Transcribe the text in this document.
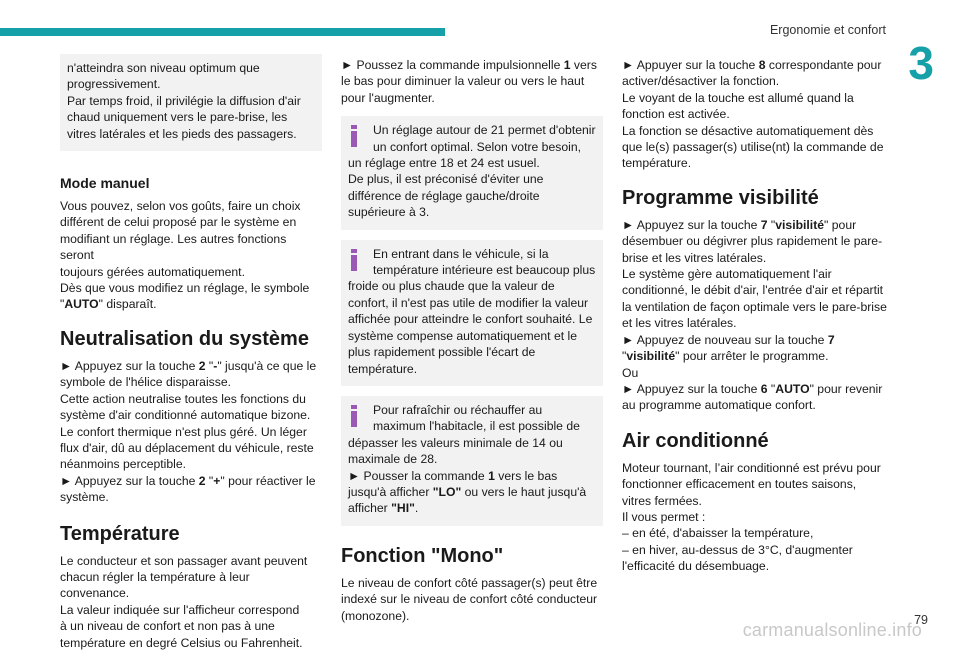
Ergonomie et confort
3

n'atteindra son niveau optimum que

progressivement.

Par temps froid, il privilégie la diffusion d'air

chaud uniquement vers le pare-brise, les

vitres latérales et les pieds des passagers.

Mode manuel

Vous pouvez, selon vos goûts, faire un choix

différent de celui proposé par le système en

modifiant un réglage. Les autres fonctions seront

toujours gérées automatiquement.

Dès que vous modifiez un réglage, le symbole

"AUTO" disparaît.

Neutralisation du système

► Appuyez sur la touche 2 "-" jusqu'à ce que le

symbole de l'hélice disparaisse.

Cette action neutralise toutes les fonctions du

système d'air conditionné automatique bizone.

Le confort thermique n'est plus géré. Un léger

flux d'air, dû au déplacement du véhicule, reste

néanmoins perceptible.

► Appuyez sur la touche 2 "+" pour réactiver le

système.

Température

Le conducteur et son passager avant peuvent

chacun régler la température à leur convenance.

La valeur indiquée sur l'afficheur correspond

à un niveau de confort et non pas à une

température en degré Celsius ou Fahrenheit.

► Poussez la commande impulsionnelle 1 vers

le bas pour diminuer la valeur ou vers le haut

pour l'augmenter.

Un réglage autour de 21 permet d'obtenir

un confort optimal. Selon votre besoin,

un réglage entre 18 et 24 est usuel.

De plus, il est préconisé d'éviter une

différence de réglage gauche/droite

supérieure à 3.

En entrant dans le véhicule, si la

température intérieure est beaucoup plus

froide ou plus chaude que la valeur de

confort, il n'est pas utile de modifier la valeur

affichée pour atteindre le confort souhaité. Le

système compense automatiquement et le

plus rapidement possible l'écart de

température.

Pour rafraîchir ou réchauffer au

maximum l'habitacle, il est possible de

dépasser les valeurs minimale de 14 ou

maximale de 28.

► Pousser la commande 1 vers le bas

jusqu'à afficher "LO" ou vers le haut jusqu'à

afficher "HI".

Fonction "Mono"

Le niveau de confort côté passager(s) peut être

indexé sur le niveau de confort côté conducteur

(monozone).

► Appuyer sur la touche 8 correspondante pour

activer/désactiver la fonction.

Le voyant de la touche est allumé quand la

fonction est activée.

La fonction se désactive automatiquement dès

que le(s) passager(s) utilise(nt) la commande de

température.

Programme visibilité

► Appuyez sur la touche 7 "visibilité" pour

désembuer ou dégivrer plus rapidement le pare-

brise et les vitres latérales.

Le système gère automatiquement l'air

conditionné, le débit d'air, l'entrée d'air et répartit

la ventilation de façon optimale vers le pare-brise

et les vitres latérales.

► Appuyez de nouveau sur la touche 7

"visibilité" pour arrêter le programme.

Ou

► Appuyez sur la touche 6 "AUTO" pour revenir

au programme automatique confort.

Air conditionné

Moteur tournant, l’air conditionné est prévu pour

fonctionner efficacement en toutes saisons,

vitres fermées.

Il vous permet :

– en été, d'abaisser la température,

– en hiver, au-dessus de 3°C, d'augmenter

l'efficacité du désembuage.

79
carmanualsonline.info
